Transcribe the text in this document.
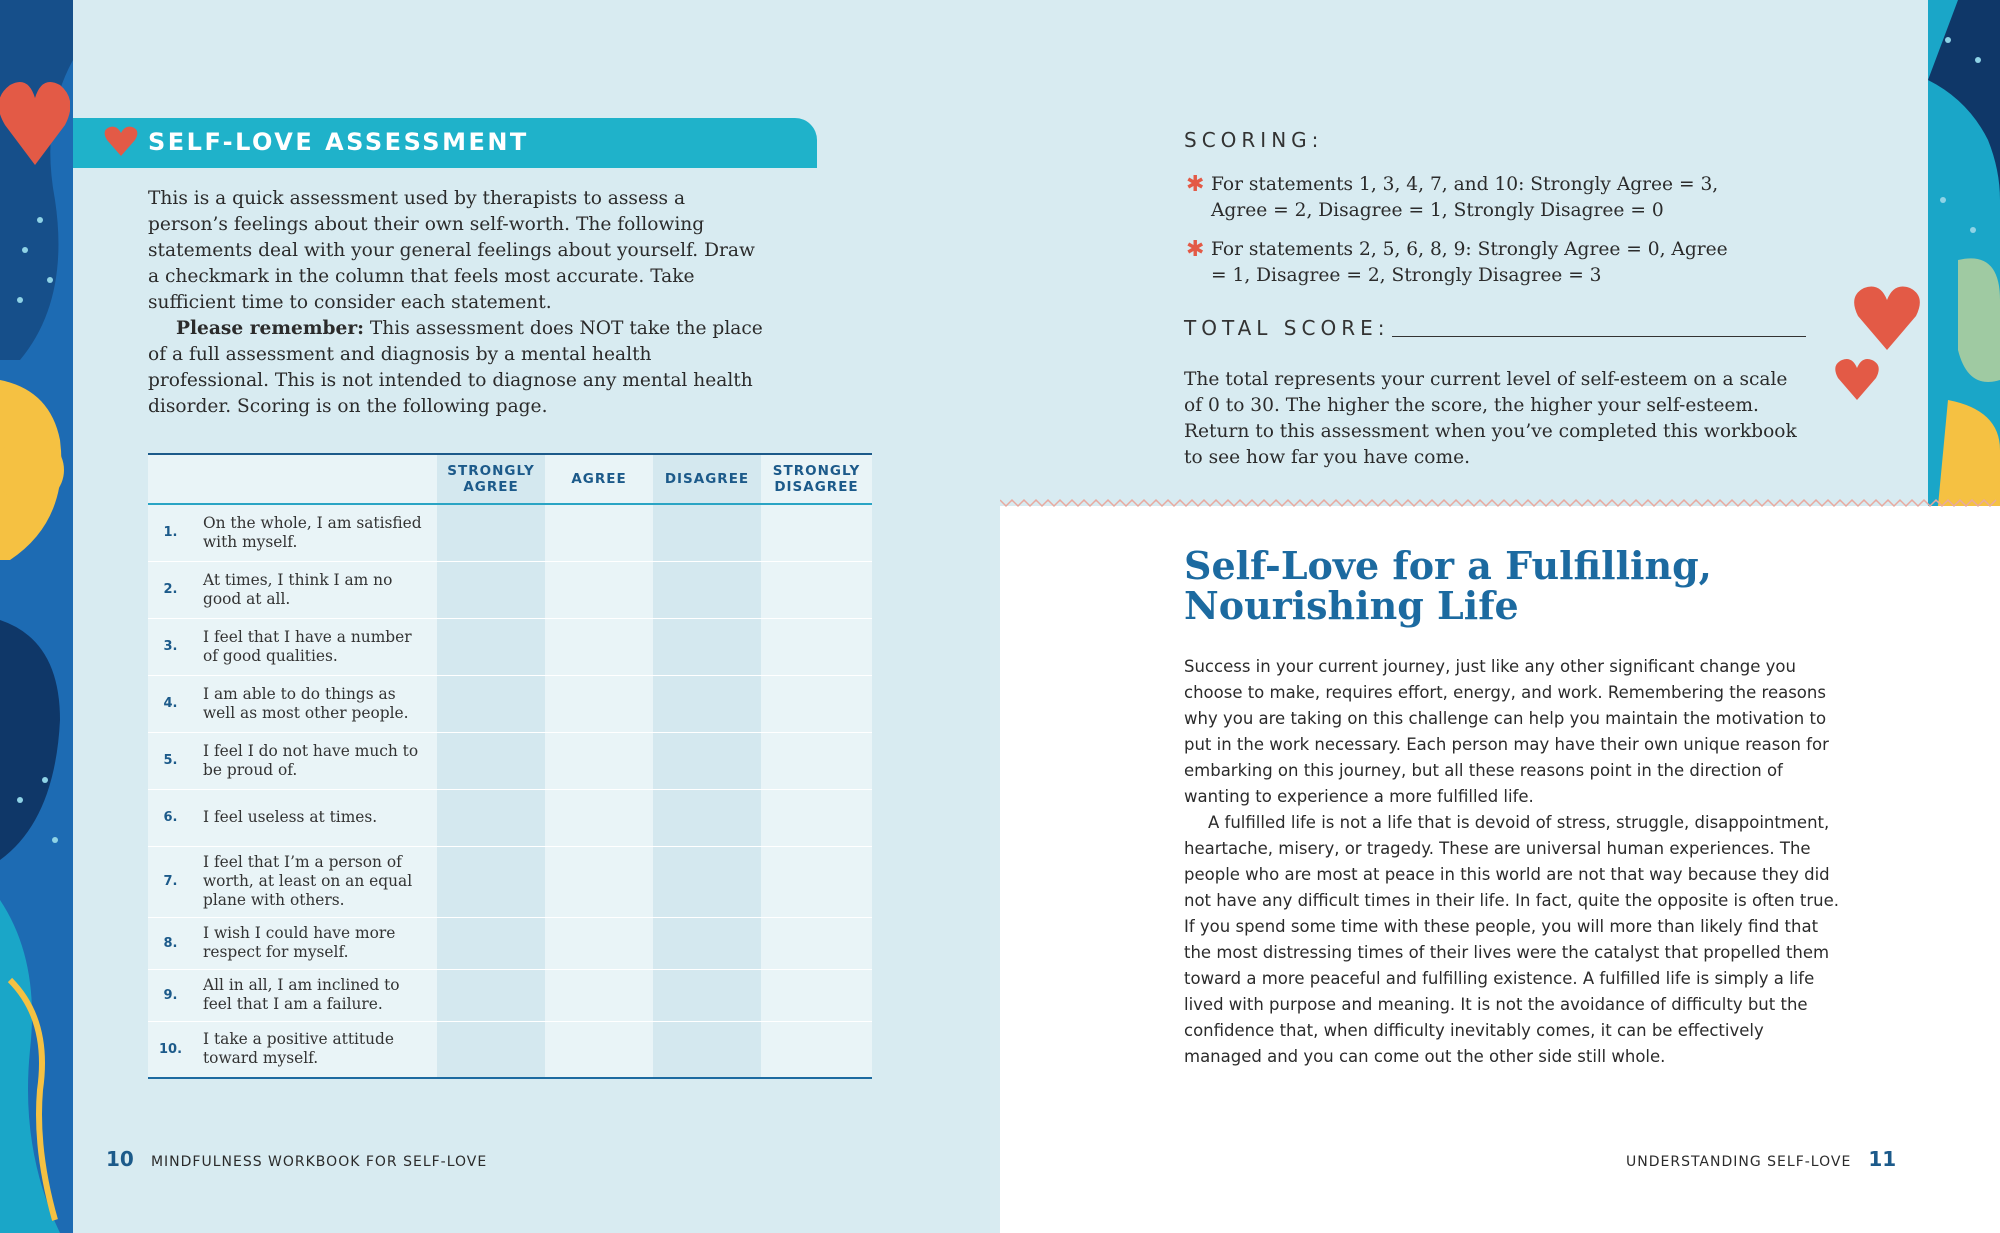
SELF-LOVE ASSESSMENT

This is a quick assessment used by therapists to assess a person’s feelings about their own self-worth. The following statements deal with your general feelings about yourself. Draw a checkmark in the column that feels most accurate. Take sufficient time to consider each statement.

Please remember: This assessment does NOT take the place of a full assessment and diagnosis by a mental health professional. This is not intended to diagnose any mental health disorder. Scoring is on the following page.

		STRONGLY AGREE	AGREE	DISAGREE	STRONGLY DISAGREE
1.	On the whole, I am satisfied with myself.				
2.	At times, I think I am no good at all.				
3.	I feel that I have a number of good qualities.				
4.	I am able to do things as well as most other people.				
5.	I feel I do not have much to be proud of.				
6.	I feel useless at times.				
7.	I feel that I’m a person of worth, at least on an equal plane with others.				
8.	I wish I could have more respect for myself.				
9.	All in all, I am inclined to feel that I am a failure.				
10.	I take a positive attitude toward myself.				
10 MINDFULNESS WORKBOOK FOR SELF-LOVE
SCORING:
✱ For statements 1, 3, 4, 7, and 10: Strongly Agree = 3, Agree = 2, Disagree = 1, Strongly Disagree = 0
✱ For statements 2, 5, 6, 8, 9: Strongly Agree = 0, Agree = 1, Disagree = 2, Strongly Disagree = 3
TOTAL SCORE:

The total represents your current level of self-esteem on a scale of 0 to 30. The higher the score, the higher your self-esteem. Return to this assessment when you’ve completed this workbook to see how far you have come.

Self-Love for a Fulfilling,
Nourishing Life

Success in your current journey, just like any other significant change you choose to make, requires effort, energy, and work. Remembering the reasons why you are taking on this challenge can help you maintain the motivation to put in the work necessary. Each person may have their own unique reason for embarking on this journey, but all these reasons point in the direction of wanting to experience a more fulfilled life.

A fulfilled life is not a life that is devoid of stress, struggle, disappointment, heartache, misery, or tragedy. These are universal human experiences. The people who are most at peace in this world are not that way because they did not have any difficult times in their life. In fact, quite the opposite is often true. If you spend some time with these people, you will more than likely find that the most distressing times of their lives were the catalyst that propelled them toward a more peaceful and fulfilling existence. A fulfilled life is simply a life lived with purpose and meaning. It is not the avoidance of difficulty but the confidence that, when difficulty inevitably comes, it can be effectively managed and you can come out the other side still whole.

UNDERSTANDING SELF-LOVE 11
